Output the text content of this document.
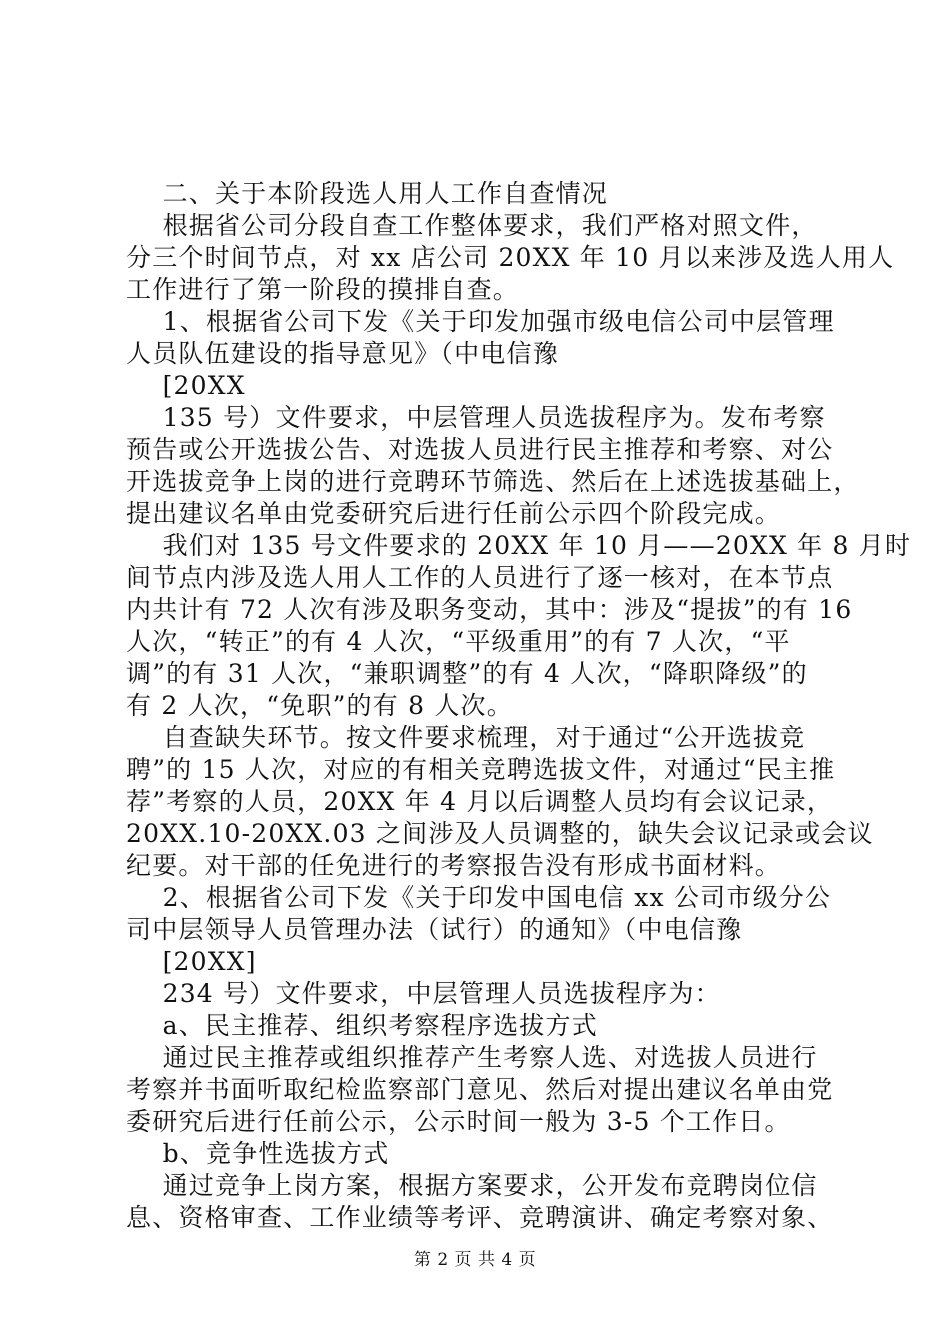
二、关于本阶段选人用人工作自查情况
根据省公司分段自查工作整体要求，我们严格对照文件，
分三个时间节点，对 xx 店公司 20XX 年 10 月以来涉及选人用人
工作进行了第一阶段的摸排自查。
1、根据省公司下发《关于印发加强市级电信公司中层管理
人员队伍建设的指导意见》（中电信豫
[20XX
135 号）文件要求，中层管理人员选拔程序为。发布考察
预告或公开选拔公告、对选拔人员进行民主推荐和考察、对公
开选拔竞争上岗的进行竞聘环节筛选、然后在上述选拔基础上，
提出建议名单由党委研究后进行任前公示四个阶段完成。
我们对 135 号文件要求的 20XX 年 10 月——20XX 年 8 月时
间节点内涉及选人用人工作的人员进行了逐一核对，在本节点
内共计有 72 人次有涉及职务变动，其中：涉及“提拔”的有 16
人次，“转正”的有 4 人次，“平级重用”的有 7 人次，“平
调”的有 31 人次，“兼职调整”的有 4 人次，“降职降级”的
有 2 人次，“免职”的有 8 人次。
自查缺失环节。按文件要求梳理，对于通过“公开选拔竞
聘”的 15 人次，对应的有相关竞聘选拔文件，对通过“民主推
荐”考察的人员，20XX 年 4 月以后调整人员均有会议记录，
20XX.10-20XX.03 之间涉及人员调整的，缺失会议记录或会议
纪要。对干部的任免进行的考察报告没有形成书面材料。
2、根据省公司下发《关于印发中国电信 xx 公司市级分公
司中层领导人员管理办法（试行）的通知》（中电信豫
[20XX]
234 号）文件要求，中层管理人员选拔程序为：
a、民主推荐、组织考察程序选拔方式
通过民主推荐或组织推荐产生考察人选、对选拔人员进行
考察并书面听取纪检监察部门意见、然后对提出建议名单由党
委研究后进行任前公示，公示时间一般为 3-5 个工作日。
b、竞争性选拔方式
通过竞争上岗方案，根据方案要求，公开发布竞聘岗位信
息、资格审查、工作业绩等考评、竞聘演讲、确定考察对象、
第 2 页 共 4 页
